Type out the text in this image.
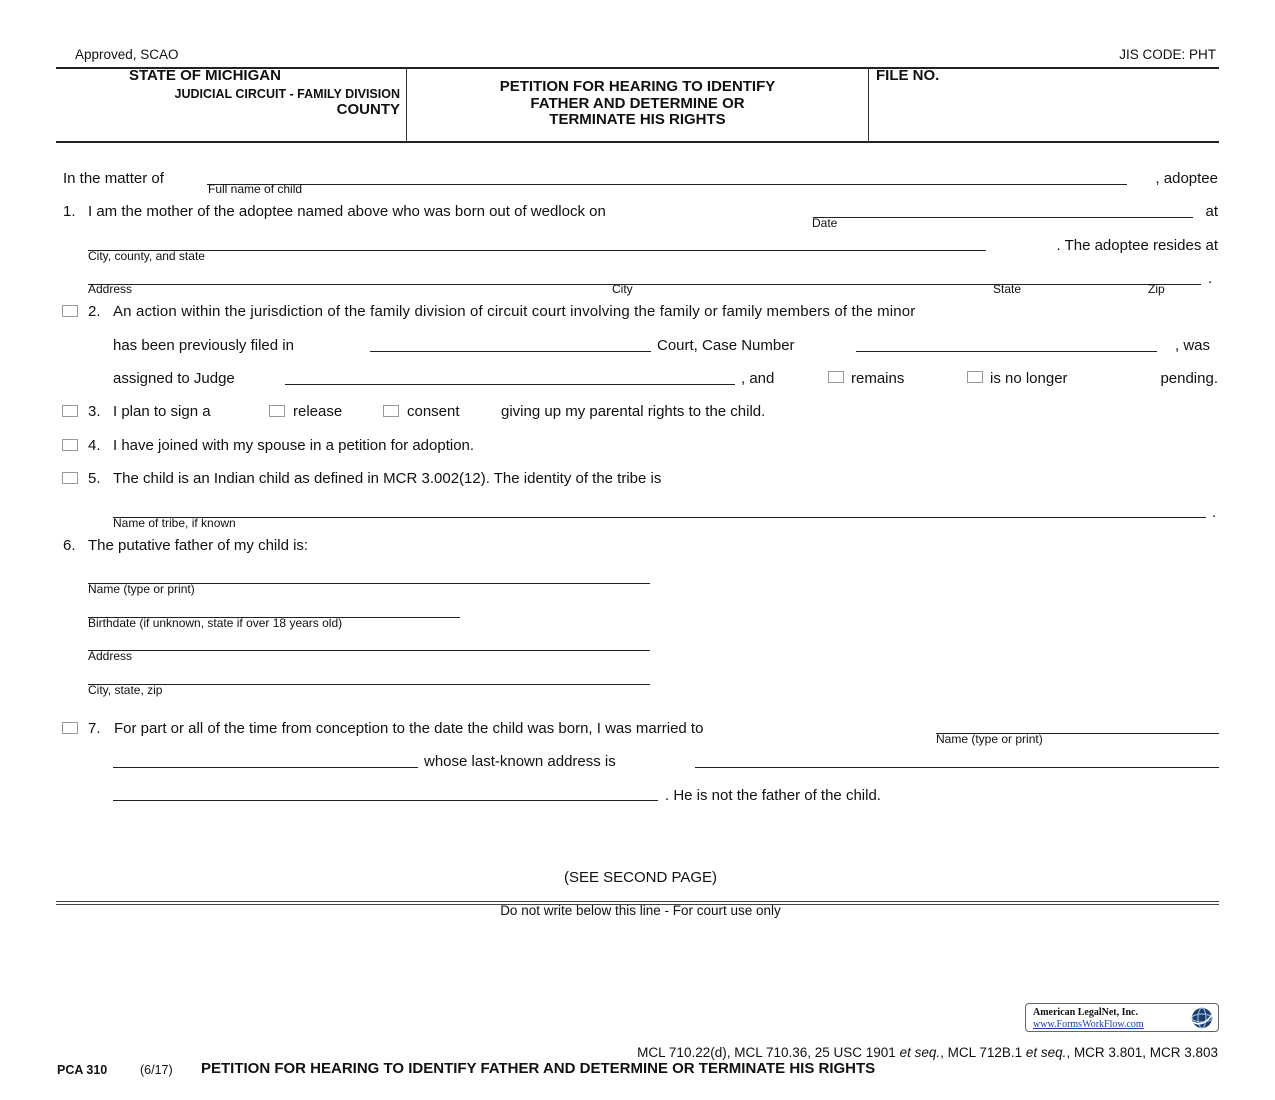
Approved, SCAO	JIS CODE: PHT
STATE OF MICHIGAN
JUDICIAL CIRCUIT - FAMILY DIVISION
COUNTY
PETITION FOR HEARING TO IDENTIFY
FATHER AND DETERMINE OR
TERMINATE HIS RIGHTS
FILE NO.
In the matter of
Full name of child
, adoptee
1. I am the mother of the adoptee named above who was born out of wedlock on
Date
at
City, county, and state
. The adoptee resides at
Address	City	State	Zip
.
2. An action within the jurisdiction of the family division of circuit court involving the family or family members of the minor
has been previously filed in	Court, Case Number	, was
assigned to Judge	, and	remains	is no longer	pending.
3. I plan to sign a	release	consent	giving up my parental rights to the child.
4. I have joined with my spouse in a petition for adoption.
5. The child is an Indian child as defined in MCR 3.002(12). The identity of the tribe is
Name of tribe, if known
.
6. The putative father of my child is:
Name (type or print)
Birthdate (if unknown, state if over 18 years old)
Address
City, state, zip
7. For part or all of the time from conception to the date the child was born, I was married to
Name (type or print)
whose last-known address is
. He is not the father of the child.
(SEE SECOND PAGE)
Do not write below this line - For court use only
American LegalNet, Inc.
www.FormsWorkFlow.com
MCL 710.22(d), MCL 710.36, 25 USC 1901 et seq., MCL 712B.1 et seq., MCR 3.801, MCR 3.803
PCA 310	(6/17) PETITION FOR HEARING TO IDENTIFY FATHER AND DETERMINE OR TERMINATE HIS RIGHTS
